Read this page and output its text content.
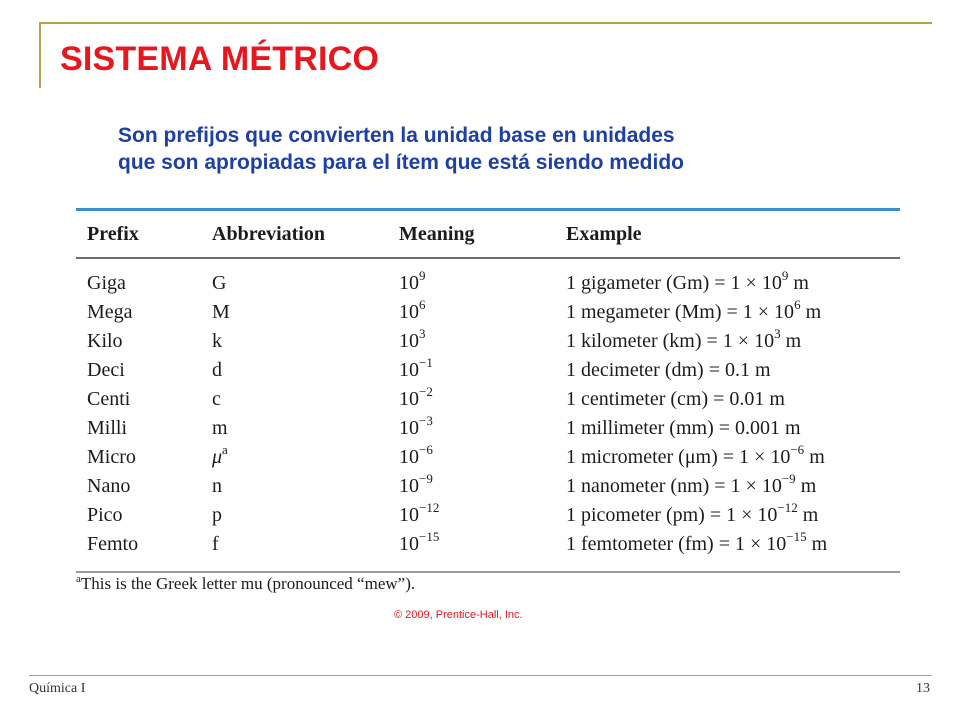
SISTEMA MÉTRICO
Son prefijos que convierten la unidad base en unidades
que son apropiadas para el ítem que está siendo medido
Prefix	Abbreviation	Meaning	Example
Giga	G	$10^9$	1 gigameter $(Gm) = 1 \times 10^9$ m
Mega	M	$10^6$	1 megameter $(Mm) = 1 \times 10^6$ m
Kilo	k	$10^3$	1 kilometer $(km) = 1 \times 10^3$ m
Deci	d	$10^{-1}$	1 decimeter (dm) = 0.1 m
Centi	c	$10^{-2}$	1 centimeter (cm) = 0.01 m
Milli	m	$10^{-3}$	1 millimeter (mm) = 0.001 m
Micro	$\mu^a$	$10^{-6}$	1 micrometer $(\mu m) = 1 \times 10^{-6}$ m
Nano	n	$10^{-9}$	1 nanometer $(nm) = 1 \times 10^{-9}$ m
Pico	p	$10^{-12}$	1 picometer $(pm) = 1 \times 10^{-12}$ m
Femto	f	$10^{-15}$	1 femtometer $(fm) = 1 \times 10^{-15}$ m
$^a$This is the Greek letter mu (pronounced “mew”).
© 2009, Prentice-Hall, Inc.
Química I	13
